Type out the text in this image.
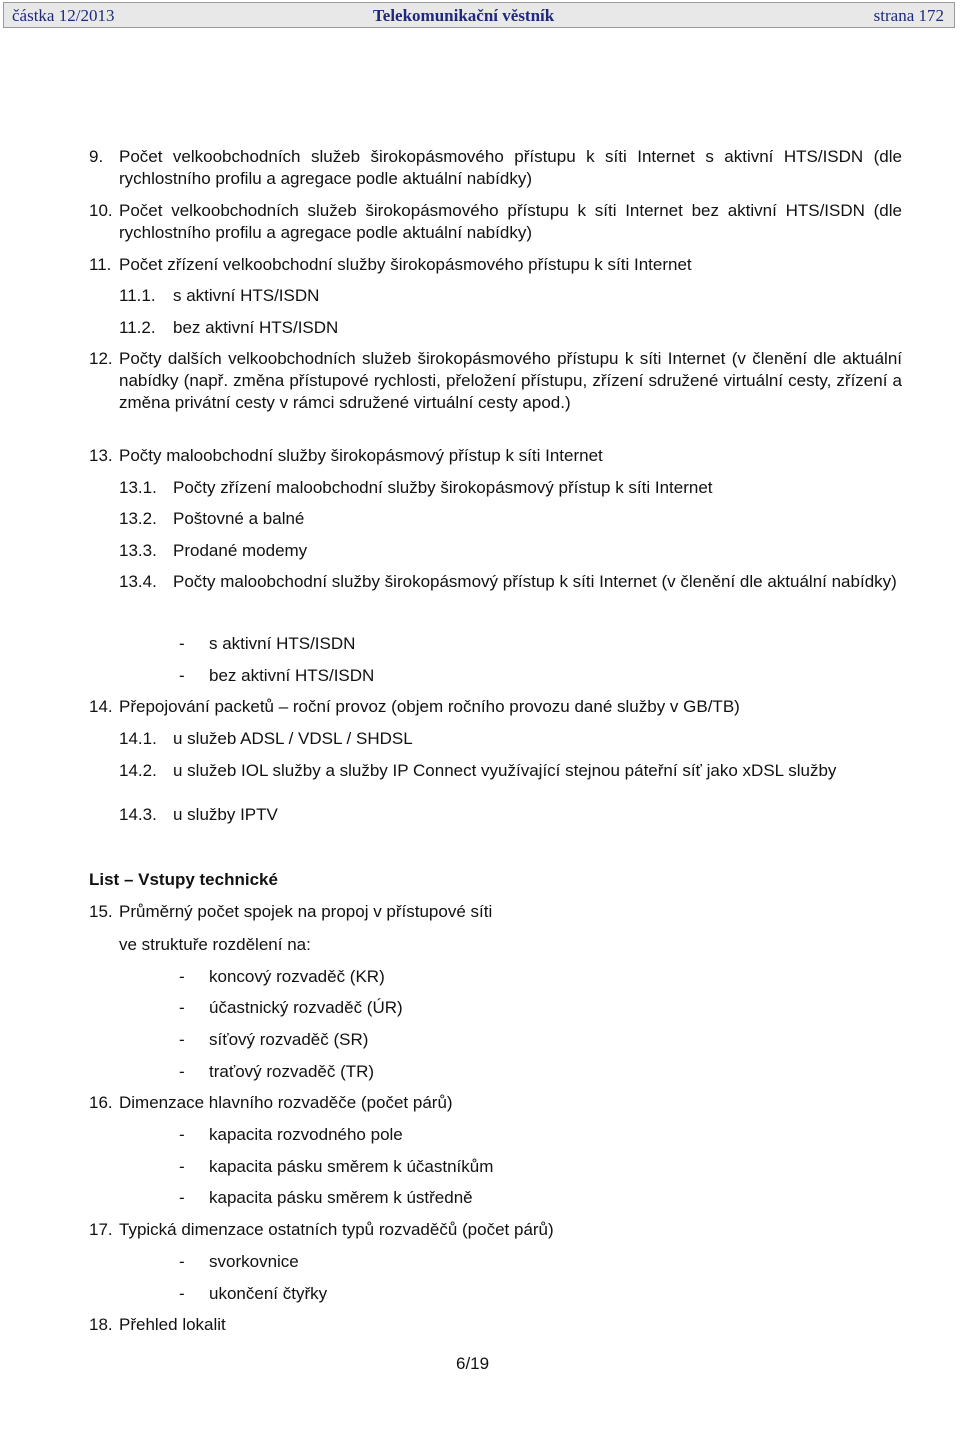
částka 12/2013	Telekomunikační věstník	strana 172
9. Počet velkoobchodních služeb širokopásmového přístupu k síti Internet s aktivní HTS/ISDN (dle rychlostního profilu a agregace podle aktuální nabídky)
10. Počet velkoobchodních služeb širokopásmového přístupu k síti Internet bez aktivní HTS/ISDN (dle rychlostního profilu a agregace podle aktuální nabídky)
11. Počet zřízení velkoobchodní služby širokopásmového přístupu k síti Internet
11.1. s aktivní HTS/ISDN
11.2. bez aktivní HTS/ISDN
12. Počty dalších velkoobchodních služeb širokopásmového přístupu k síti Internet (v členění dle aktuální nabídky (např. změna přístupové rychlosti, přeložení přístupu, zřízení sdružené virtuální cesty, zřízení a změna privátní cesty v rámci sdružené virtuální cesty apod.)
13. Počty maloobchodní služby širokopásmový přístup k síti Internet
13.1. Počty zřízení maloobchodní služby širokopásmový přístup k síti Internet
13.2. Poštovné a balné
13.3. Prodané modemy
13.4. Počty maloobchodní služby širokopásmový přístup k síti Internet (v členění dle aktuální nabídky)
- s aktivní HTS/ISDN
- bez aktivní HTS/ISDN
14. Přepojování packetů – roční provoz (objem ročního provozu dané služby v GB/TB)
14.1. u služeb ADSL / VDSL / SHDSL
14.2. u služeb IOL služby a služby IP Connect využívající stejnou páteřní síť jako xDSL služby
14.3. u služby IPTV
List – Vstupy technické
15. Průměrný počet spojek na propoj v přístupové síti
ve struktuře rozdělení na:
- koncový rozvaděč (KR)
- účastnický rozvaděč (ÚR)
- síťový rozvaděč (SR)
- traťový rozvaděč (TR)
16. Dimenzace hlavního rozvaděče (počet párů)
- kapacita rozvodného pole
- kapacita pásku směrem k účastníkům
- kapacita pásku směrem k ústředně
17. Typická dimenzace ostatních typů rozvaděčů (počet párů)
- svorkovnice
- ukončení čtyřky
18. Přehled lokalit
6/19
